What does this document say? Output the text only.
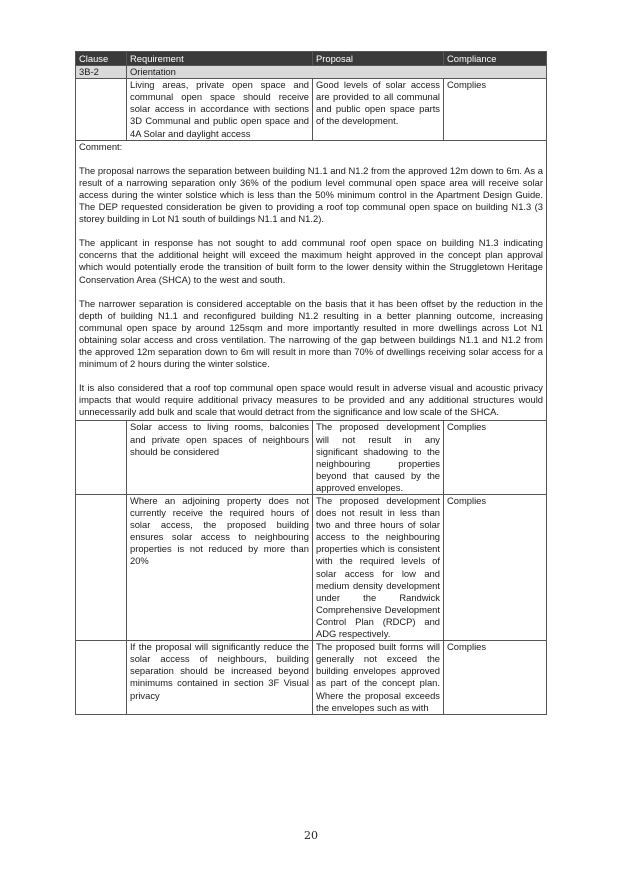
Clause	Requirement	Proposal	Compliance
3B-2	Orientation		
	Living areas, private open space and communal open space should receive solar access in accordance with sections 3D Communal and public open space and 4A Solar and daylight access	Good levels of solar access are provided to all communal and public open space parts of the development.	Complies

Comment:

The proposal narrows the separation between building N1.1 and N1.2 from the approved 12m down to 6m. As a result of a narrowing separation only 36% of the podium level communal open space area will receive solar access during the winter solstice which is less than the 50% minimum control in the Apartment Design Guide. The DEP requested consideration be given to providing a roof top communal open space on building N1.3 (3 storey building in Lot N1 south of buildings N1.1 and N1.2).

The applicant in response has not sought to add communal roof open space on building N1.3 indicating concerns that the additional height will exceed the maximum height approved in the concept plan approval which would potentially erode the transition of built form to the lower density within the Struggletown Heritage Conservation Area (SHCA) to the west and south.

The narrower separation is considered acceptable on the basis that it has been offset by the reduction in the depth of building N1.1 and reconfigured building N1.2 resulting in a better planning outcome, increasing communal open space by around 125sqm and more importantly resulted in more dwellings across Lot N1 obtaining solar access and cross ventilation. The narrowing of the gap between buildings N1.1 and N1.2 from the approved 12m separation down to 6m will result in more than 70% of dwellings receiving solar access for a minimum of 2 hours during the winter solstice.

It is also considered that a roof top communal open space would result in adverse visual and acoustic privacy impacts that would require additional privacy measures to be provided and any additional structures would unnecessarily add bulk and scale that would detract from the significance and low scale of the SHCA.			

	Solar access to living rooms, balconies and private open spaces of neighbours should be considered	The proposed development will not result in any significant shadowing to the neighbouring properties beyond that caused by the approved envelopes.	Complies
	Where an adjoining property does not currently receive the required hours of solar access, the proposed building ensures solar access to neighbouring properties is not reduced by more than 20%	The proposed development does not result in less than two and three hours of solar access to the neighbouring properties which is consistent with the required levels of solar access for low and medium density development under the Randwick Comprehensive Development Control Plan (RDCP) and ADG respectively.	Complies
	If the proposal will significantly reduce the solar access of neighbours, building separation should be increased beyond minimums contained in section 3F Visual privacy	The proposed built forms will generally not exceed the building envelopes approved as part of the concept plan. Where the proposal exceeds the envelopes such as with	Complies
20
